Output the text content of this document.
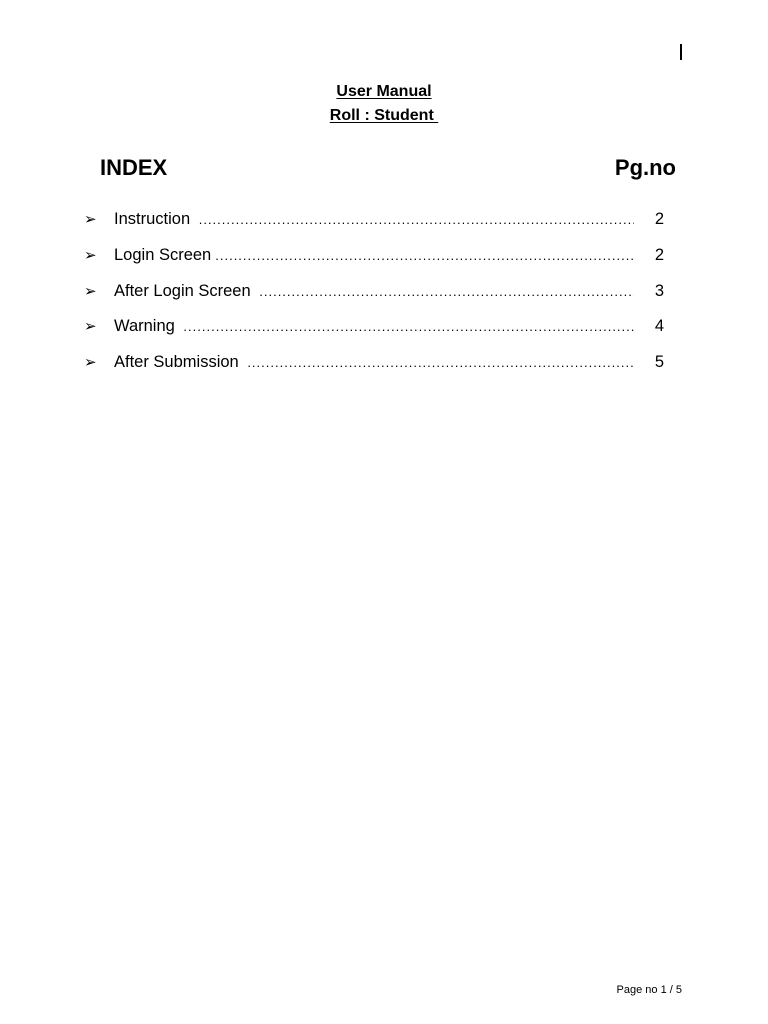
User Manual
Roll : Student
INDEX	Pg.no
➢	Instruction .....	2
➢	Login Screen .....	2
➢	After Login Screen .....	3
➢	Warning .....	4
➢	After Submission .....	5
Page no 1 / 5
